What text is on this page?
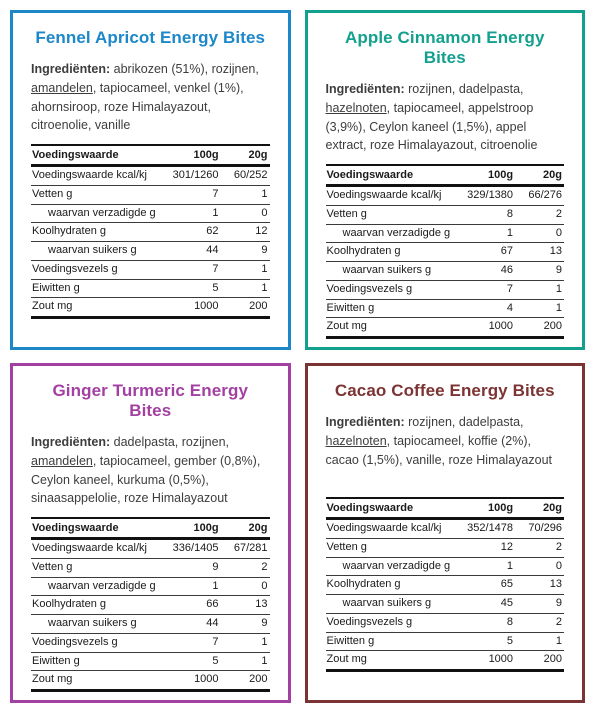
Fennel Apricot Energy Bites

Ingrediënten: abrikozen (51%), rozijnen, amandelen, tapiocameel, venkel (1%), ahornsiroop, roze Himalayazout, citroenolie, vanille

Voedingswaarde	100g	20g
Voedingswaarde kcal/kj	301/1260	60/252
Vetten g	7	1
waarvan verzadigde g	1	0
Koolhydraten g	62	12
waarvan suikers g	44	9
Voedingsvezels g	7	1
Eiwitten g	5	1
Zout mg	1000	200
Apple Cinnamon Energy Bites

Ingrediënten: rozijnen, dadelpasta, hazelnoten, tapiocameel, appelstroop (3,9%), Ceylon kaneel (1,5%), appel extract, roze Himalayazout, citroenolie

Voedingswaarde	100g	20g
Voedingswaarde kcal/kj	329/1380	66/276
Vetten g	8	2
waarvan verzadigde g	1	0
Koolhydraten g	67	13
waarvan suikers g	46	9
Voedingsvezels g	7	1
Eiwitten g	4	1
Zout mg	1000	200
Ginger Turmeric Energy Bites

Ingrediënten: dadelpasta, rozijnen, amandelen, tapiocameel, gember (0,8%), Ceylon kaneel, kurkuma (0,5%), sinaasappelolie, roze Himalayazout

Voedingswaarde	100g	20g
Voedingswaarde kcal/kj	336/1405	67/281
Vetten g	9	2
waarvan verzadigde g	1	0
Koolhydraten g	66	13
waarvan suikers g	44	9
Voedingsvezels g	7	1
Eiwitten g	5	1
Zout mg	1000	200
Cacao Coffee Energy Bites

Ingrediënten: rozijnen, dadelpasta, hazelnoten, tapiocameel, koffie (2%), cacao (1,5%), vanille, roze Himalayazout

Voedingswaarde	100g	20g
Voedingswaarde kcal/kj	352/1478	70/296
Vetten g	12	2
waarvan verzadigde g	1	0
Koolhydraten g	65	13
waarvan suikers g	45	9
Voedingsvezels g	8	2
Eiwitten g	5	1
Zout mg	1000	200
